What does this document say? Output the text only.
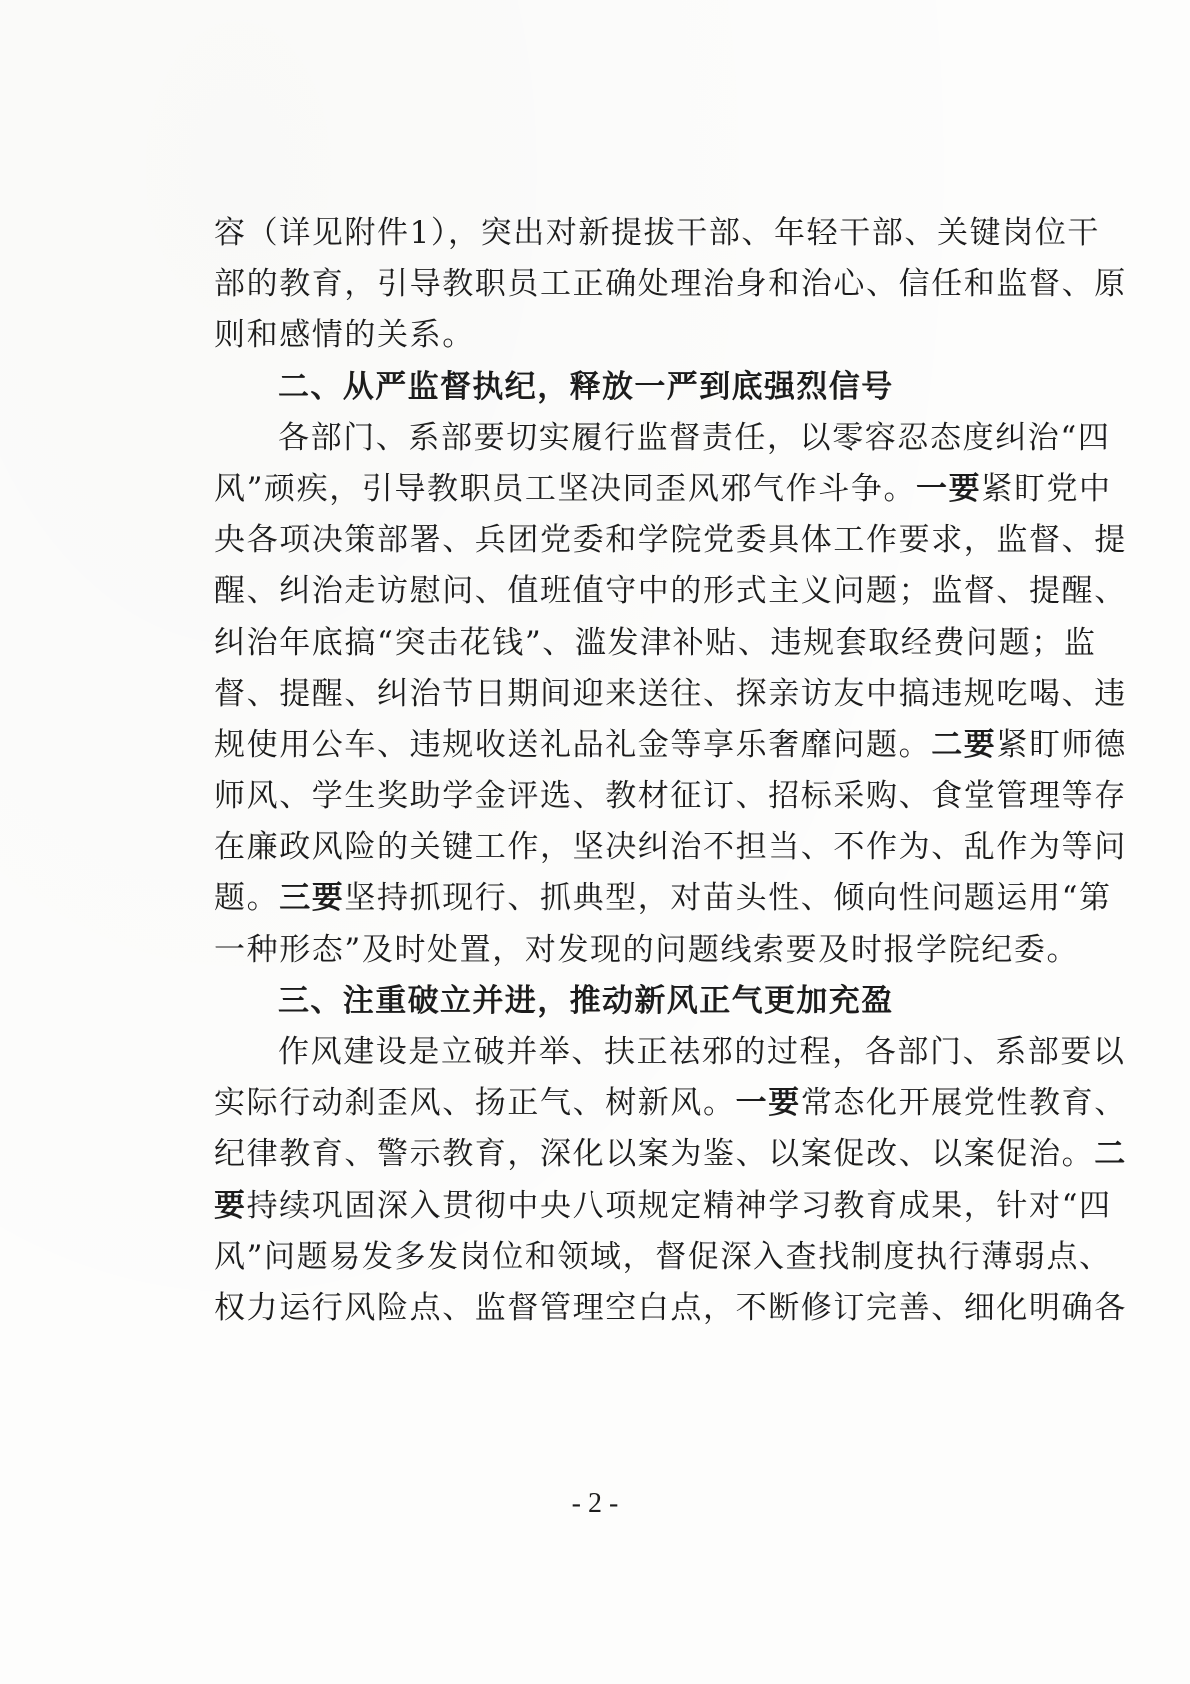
容（详见附件1），突出对新提拔干部、年轻干部、关键岗位干
部的教育，引导教职员工正确处理治身和治心、信任和监督、原
则和感情的关系。
二、从严监督执纪，释放一严到底强烈信号
各部门、系部要切实履行监督责任，以零容忍态度纠治“四
风”顽疾，引导教职员工坚决同歪风邪气作斗争。一要紧盯党中
央各项决策部署、兵团党委和学院党委具体工作要求，监督、提
醒、纠治走访慰问、值班值守中的形式主义问题；监督、提醒、
纠治年底搞“突击花钱”、滥发津补贴、违规套取经费问题；监
督、提醒、纠治节日期间迎来送往、探亲访友中搞违规吃喝、违
规使用公车、违规收送礼品礼金等享乐奢靡问题。二要紧盯师德
师风、学生奖助学金评选、教材征订、招标采购、食堂管理等存
在廉政风险的关键工作，坚决纠治不担当、不作为、乱作为等问
题。三要坚持抓现行、抓典型，对苗头性、倾向性问题运用“第
一种形态”及时处置，对发现的问题线索要及时报学院纪委。
三、注重破立并进，推动新风正气更加充盈
作风建设是立破并举、扶正祛邪的过程，各部门、系部要以
实际行动刹歪风、扬正气、树新风。一要常态化开展党性教育、
纪律教育、警示教育，深化以案为鉴、以案促改、以案促治。二
要持续巩固深入贯彻中央八项规定精神学习教育成果，针对“四
风”问题易发多发岗位和领域，督促深入查找制度执行薄弱点、
权力运行风险点、监督管理空白点，不断修订完善、细化明确各
- 2 -
